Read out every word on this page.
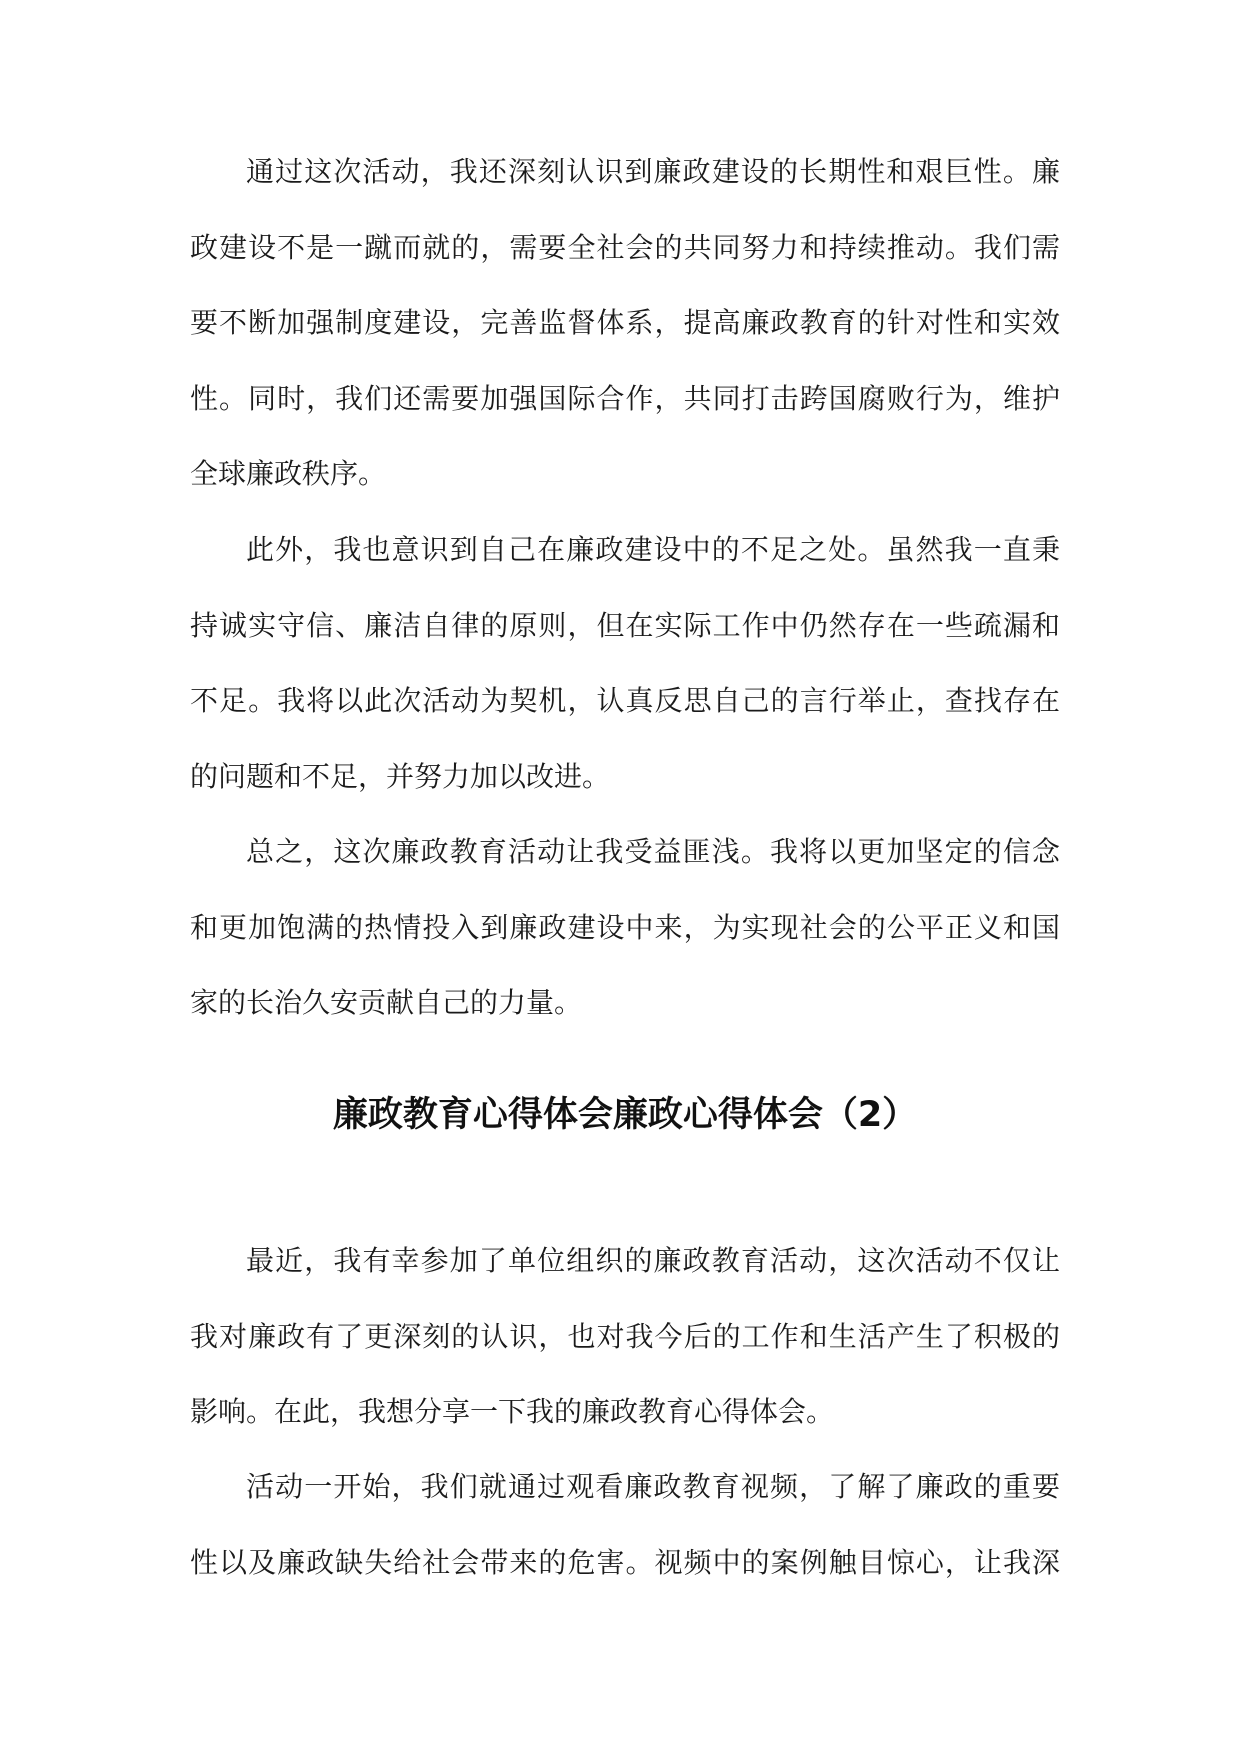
通过这次活动，我还深刻认识到廉政建设的长期性和艰巨性。廉
政建设不是一蹴而就的，需要全社会的共同努力和持续推动。我们需
要不断加强制度建设，完善监督体系，提高廉政教育的针对性和实效
性。同时，我们还需要加强国际合作，共同打击跨国腐败行为，维护
全球廉政秩序。
此外，我也意识到自己在廉政建设中的不足之处。虽然我一直秉
持诚实守信、廉洁自律的原则，但在实际工作中仍然存在一些疏漏和
不足。我将以此次活动为契机，认真反思自己的言行举止，查找存在
的问题和不足，并努力加以改进。
总之，这次廉政教育活动让我受益匪浅。我将以更加坚定的信念
和更加饱满的热情投入到廉政建设中来，为实现社会的公平正义和国
家的长治久安贡献自己的力量。
廉政教育心得体会廉政心得体会（2）
最近，我有幸参加了单位组织的廉政教育活动，这次活动不仅让
我对廉政有了更深刻的认识，也对我今后的工作和生活产生了积极的
影响。在此，我想分享一下我的廉政教育心得体会。
活动一开始，我们就通过观看廉政教育视频，了解了廉政的重要
性以及廉政缺失给社会带来的危害。视频中的案例触目惊心，让我深
